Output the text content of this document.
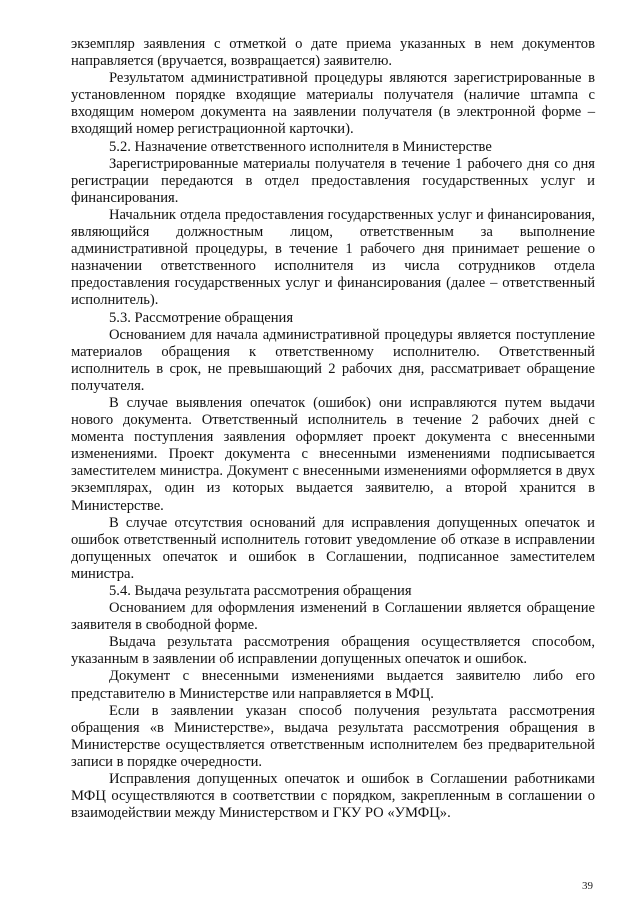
экземпляр заявления с отметкой о дате приема указанных в нем документов направляется (вручается, возвращается) заявителю.

Результатом административной процедуры являются зарегистрированные в установленном порядке входящие материалы получателя (наличие штампа с входящим номером документа на заявлении получателя (в электронной форме – входящий номер регистрационной карточки).

5.2. Назначение ответственного исполнителя в Министерстве

Зарегистрированные материалы получателя в течение 1 рабочего дня со дня регистрации передаются в отдел предоставления государственных услуг и финансирования.

Начальник отдела предоставления государственных услуг и финансирования, являющийся должностным лицом, ответственным за выполнение административной процедуры, в течение 1 рабочего дня принимает решение о назначении ответственного исполнителя из числа сотрудников отдела предоставления государственных услуг и финансирования (далее – ответственный исполнитель).

5.3. Рассмотрение обращения

Основанием для начала административной процедуры является поступление материалов обращения к ответственному исполнителю. Ответственный исполнитель в срок, не превышающий 2 рабочих дня, рассматривает обращение получателя.

В случае выявления опечаток (ошибок) они исправляются путем выдачи нового документа. Ответственный исполнитель в течение 2 рабочих дней с момента поступления заявления оформляет проект документа с внесенными изменениями. Проект документа с внесенными изменениями подписывается заместителем министра. Документ с внесенными изменениями оформляется в двух экземплярах, один из которых выдается заявителю, а второй хранится в Министерстве.

В случае отсутствия оснований для исправления допущенных опечаток и ошибок ответственный исполнитель готовит уведомление об отказе в исправлении допущенных опечаток и ошибок в Соглашении, подписанное заместителем министра.

5.4. Выдача результата рассмотрения обращения

Основанием для оформления изменений в Соглашении является обращение заявителя в свободной форме.

Выдача результата рассмотрения обращения осуществляется способом, указанным в заявлении об исправлении допущенных опечаток и ошибок.

Документ с внесенными изменениями выдается заявителю либо его представителю в Министерстве или направляется в МФЦ.

Если в заявлении указан способ получения результата рассмотрения обращения «в Министерстве», выдача результата рассмотрения обращения в Министерстве осуществляется ответственным исполнителем без предварительной записи в порядке очередности.

Исправления допущенных опечаток и ошибок в Соглашении работниками МФЦ осуществляются в соответствии с порядком, закрепленным в соглашении о взаимодействии между Министерством и ГКУ РО «УМФЦ».

39
